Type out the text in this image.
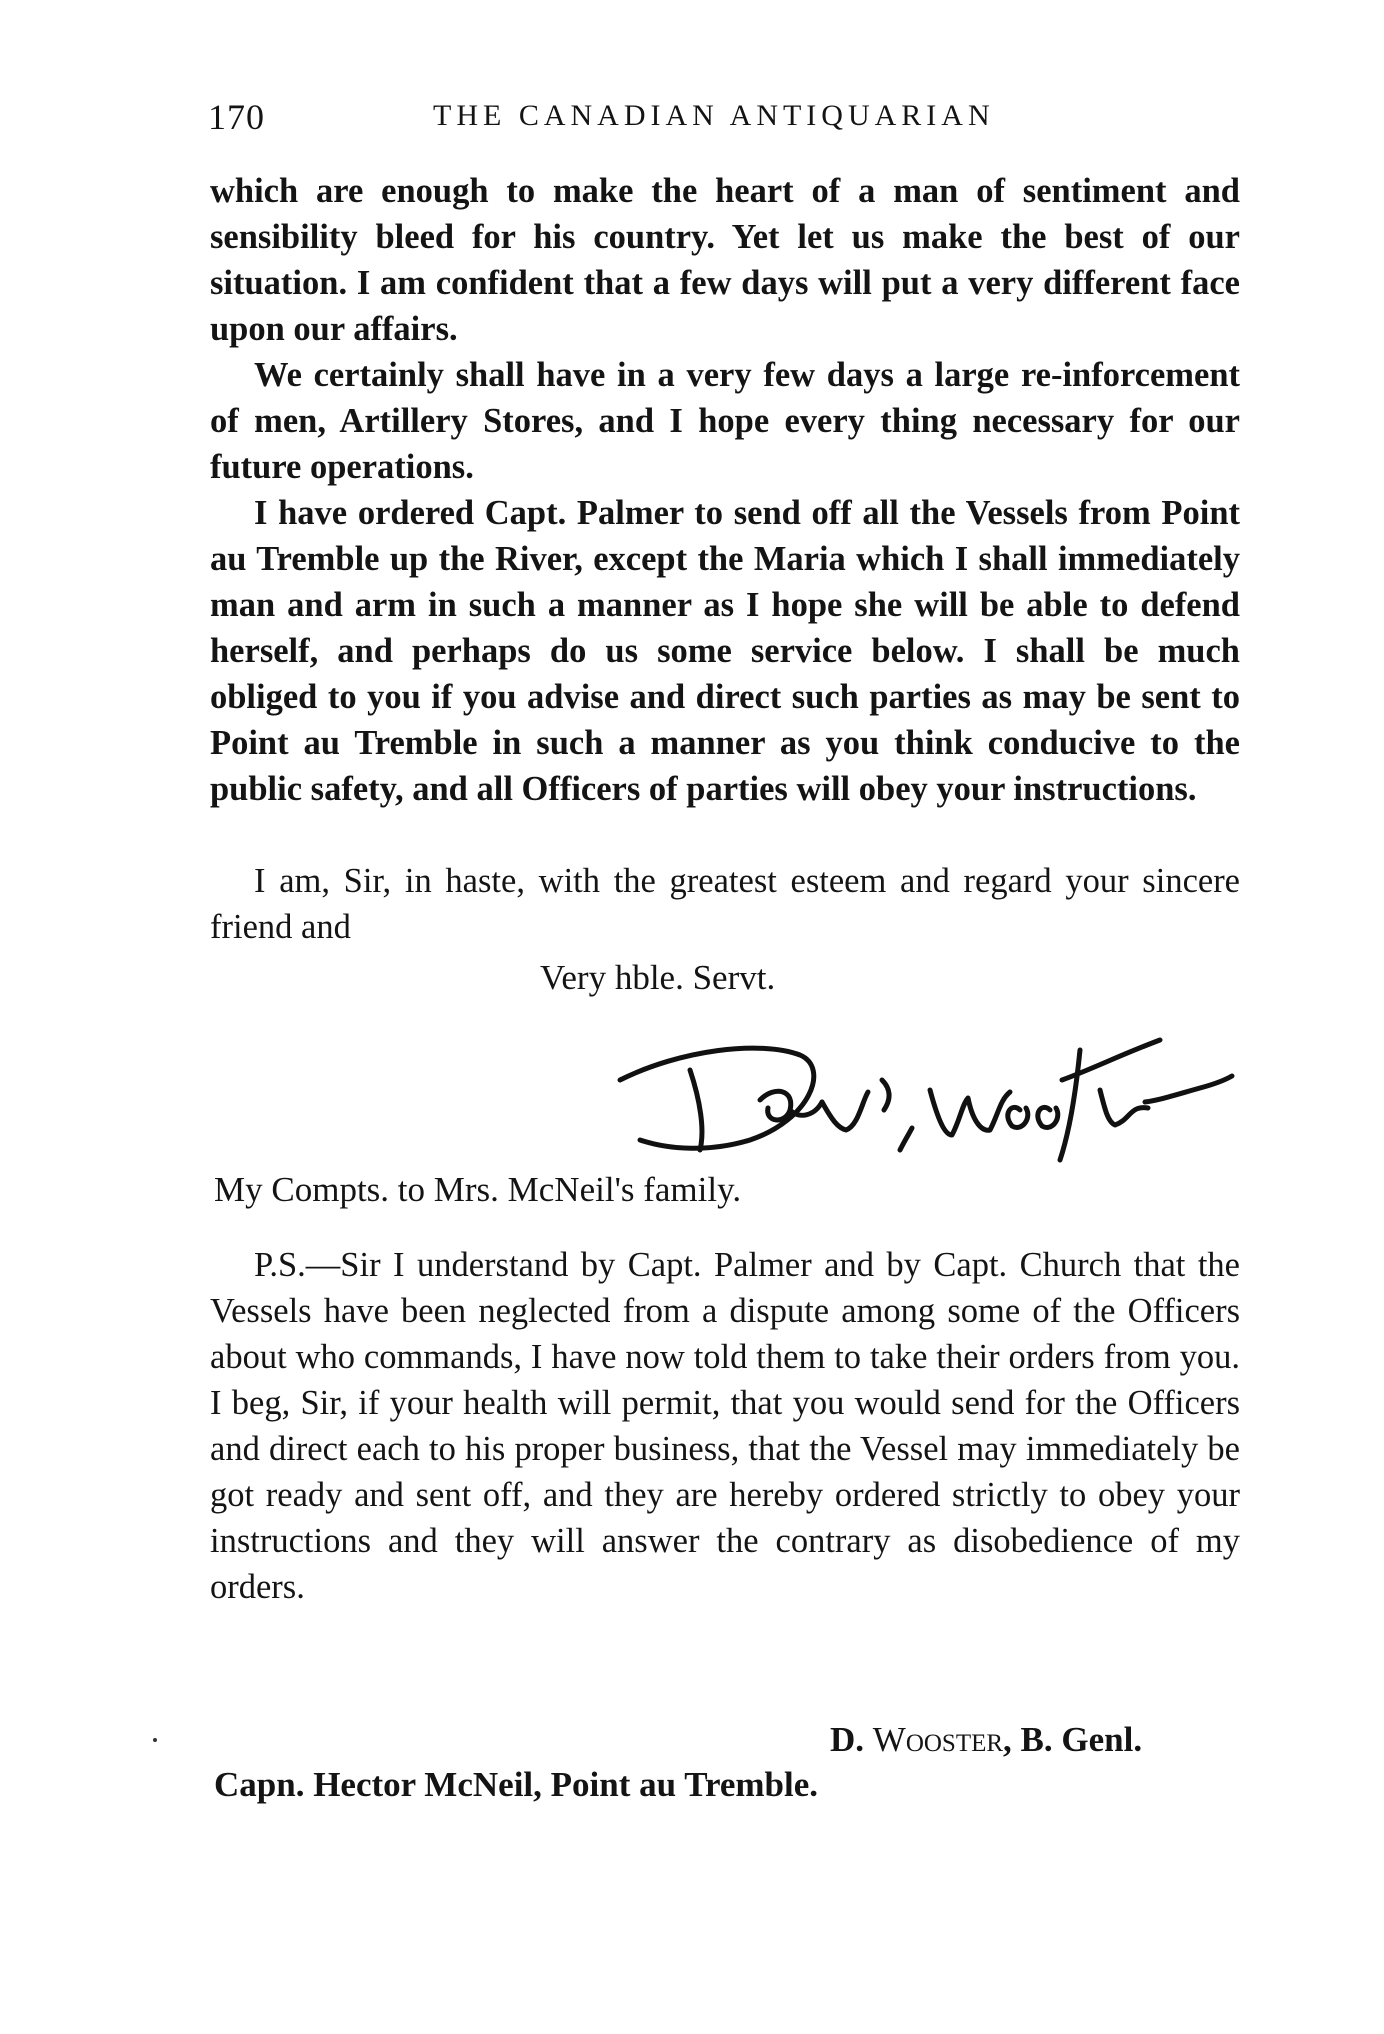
170	THE CANADIAN ANTIQUARIAN

which are enough to make the heart of a man of sentiment and sensibility bleed for his country. Yet let us make the best of our situation. I am confident that a few days will put a very different face upon our affairs.

We certainly shall have in a very few days a large re-inforcement of men, Artillery Stores, and I hope every thing necessary for our future operations.

I have ordered Capt. Palmer to send off all the Vessels from Point au Tremble up the River, except the Maria which I shall immediately man and arm in such a manner as I hope she will be able to defend herself, and perhaps do us some service below. I shall be much obliged to you if you advise and direct such parties as may be sent to Point au Tremble in such a manner as you think conducive to the public safety, and all Officers of parties will obey your instructions.

I am, Sir, in haste, with the greatest esteem and regard your sincere friend and

Very hble. Servt.
My Compts. to Mrs. McNeil's family.

P.S.—Sir I understand by Capt. Palmer and by Capt. Church that the Vessels have been neglected from a dispute among some of the Officers about who commands, I have now told them to take their orders from you. I beg, Sir, if your health will permit, that you would send for the Officers and direct each to his proper business, that the Vessel may immediately be got ready and sent off, and they are hereby ordered strictly to obey your instructions and they will answer the contrary as disobedience of my orders.

D. Wooster, B. Genl.

Capn. Hector McNeil, Point au Tremble.
